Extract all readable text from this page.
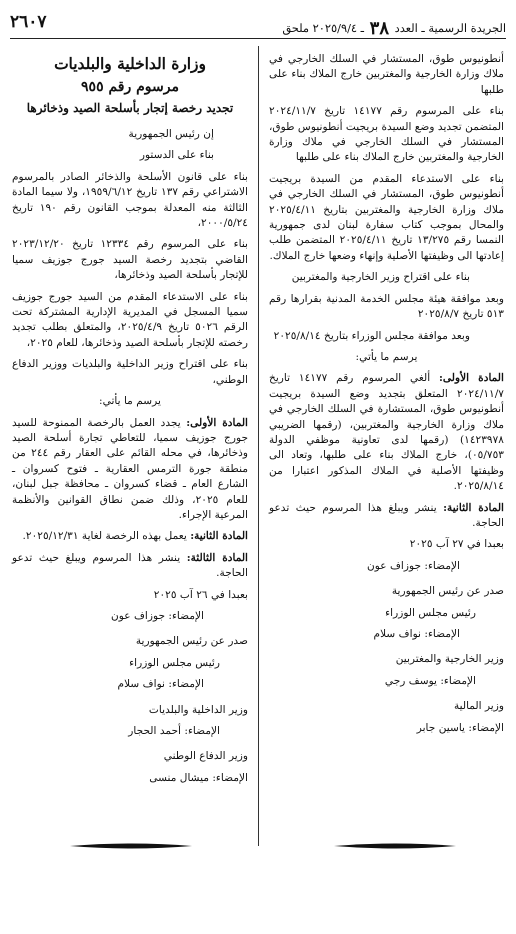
٢٦٠٧	الجريدة الرسمية ـ العدد ٣٨ ـ ٢٠٢٥/٩/٤ ملحق

أنطونيوس طوق، المستشار في السلك الخارجي في ملاك وزارة الخارجية والمغتربين خارج الملاك بناء على طلبها

بناء على المرسوم رقم ١٤١٧٧ تاريخ ٢٠٢٤/١١/٧ المتضمن تجديد وضع السيدة بريجيت أنطونيوس طوق، المستشار في السلك الخارجي في ملاك وزارة الخارجية والمغتربين خارج الملاك بناء على طلبها

بناء على الاستدعاء المقدم من السيدة بريجيت أنطونيوس طوق، المستشار في السلك الخارجي في ملاك وزارة الخارجية والمغتربين بتاريخ ٢٠٢٥/٤/١١ والمحال بموجب كتاب سفارة لبنان لدى جمهورية النمسا رقم ١٣/٢٧٥ تاريخ ٢٠٢٥/٤/١١ المتضمن طلب إعادتها الى وظيفتها الأصلية وإنهاء وضعها خارج الملاك.

بناء على اقتراح وزير الخارجية والمغتربين

وبعد موافقة هيئة مجلس الخدمة المدنية بقرارها رقم ٥١٣ تاريخ ٢٠٢٥/٨/٧

وبعد موافقة مجلس الوزراء بتاريخ ٢٠٢٥/٨/١٤

يرسم ما يأتي:

المادة الأولى: ألغي المرسوم رقم ١٤١٧٧ تاريخ ٢٠٢٤/١١/٧ المتعلق بتجديد وضع السيدة بريجيت أنطونيوس طوق، المستشارة في السلك الخارجي في ملاك وزارة الخارجية والمغتربين، (رقمها الضريبي ١٤٢٣٩٧٨) (رقمها لدى تعاونية موظفي الدولة ٠٥/٧٥٣)، خارج الملاك بناء على طلبها، وتعاد الى وظيفتها الأصلية في الملاك المذكور اعتبارا من ٢٠٢٥/٨/١٤.

المادة الثانية: ينشر ويبلغ هذا المرسوم حيث تدعو الحاجة.

بعبدا في ٢٧ آب ٢٠٢٥

الإمضاء: جوزاف عون

صدر عن رئيس الجمهورية

رئيس مجلس الوزراء

الإمضاء: نواف سلام

وزير الخارجية والمغتربين

الإمضاء: يوسف رجي

وزير المالية

الإمضاء: ياسين جابر

وزارة الداخلية والبلديات
مرسوم رقم ٩٥٥
تجديد رخصة إتجار بأسلحة الصيد وذخائرها

إن رئيس الجمهورية

بناء على الدستور

بناء على قانون الأسلحة والذخائر الصادر بالمرسوم الاشتراعي رقم ١٣٧ تاريخ ١٩٥٩/٦/١٢، ولا سيما المادة الثالثة منه المعدلة بموجب القانون رقم ١٩٠ تاريخ ٢٠٠٠/٥/٢٤،

بناء على المرسوم رقم ١٢٣٣٤ تاريخ ٢٠٢٣/١٢/٢٠ القاضي بتجديد رخصة السيد جورج جوزيف سميا للإتجار بأسلحة الصيد وذخائرها،

بناء على الاستدعاء المقدم من السيد جورج جوزيف سميا المسجل في المديرية الإدارية المشتركة تحت الرقم ٥٠٢٦ تاريخ ٢٠٢٥/٤/٩، والمتعلق بطلب تجديد رخصته للإتجار بأسلحة الصيد وذخائرها، للعام ٢٠٢٥،

بناء على اقتراح وزير الداخلية والبلديات ووزير الدفاع الوطني،

يرسم ما يأتي:

المادة الأولى: يجدد العمل بالرخصة الممنوحة للسيد جورج جوزيف سميا، للتعاطي تجارة أسلحة الصيد وذخائرها، في محله القائم على العقار رقم ٢٤٤ من منطقة جورة الترمس العقارية ـ فتوح كسروان ـ الشارع العام ـ قضاء كسروان ـ محافظة جبل لبنان، للعام ٢٠٢٥، وذلك ضمن نطاق القوانين والأنظمة المرعية الإجراء.

المادة الثانية: يعمل بهذه الرخصة لغاية ٢٠٢٥/١٢/٣١.

المادة الثالثة: ينشر هذا المرسوم ويبلغ حيث تدعو الحاجة.

بعبدا في ٢٦ آب ٢٠٢٥

الإمضاء: جوزاف عون

صدر عن رئيس الجمهورية

رئيس مجلس الوزراء

الإمضاء: نواف سلام

وزير الداخلية والبلديات

الإمضاء: أحمد الحجار

وزير الدفاع الوطني

الإمضاء: ميشال منسى
